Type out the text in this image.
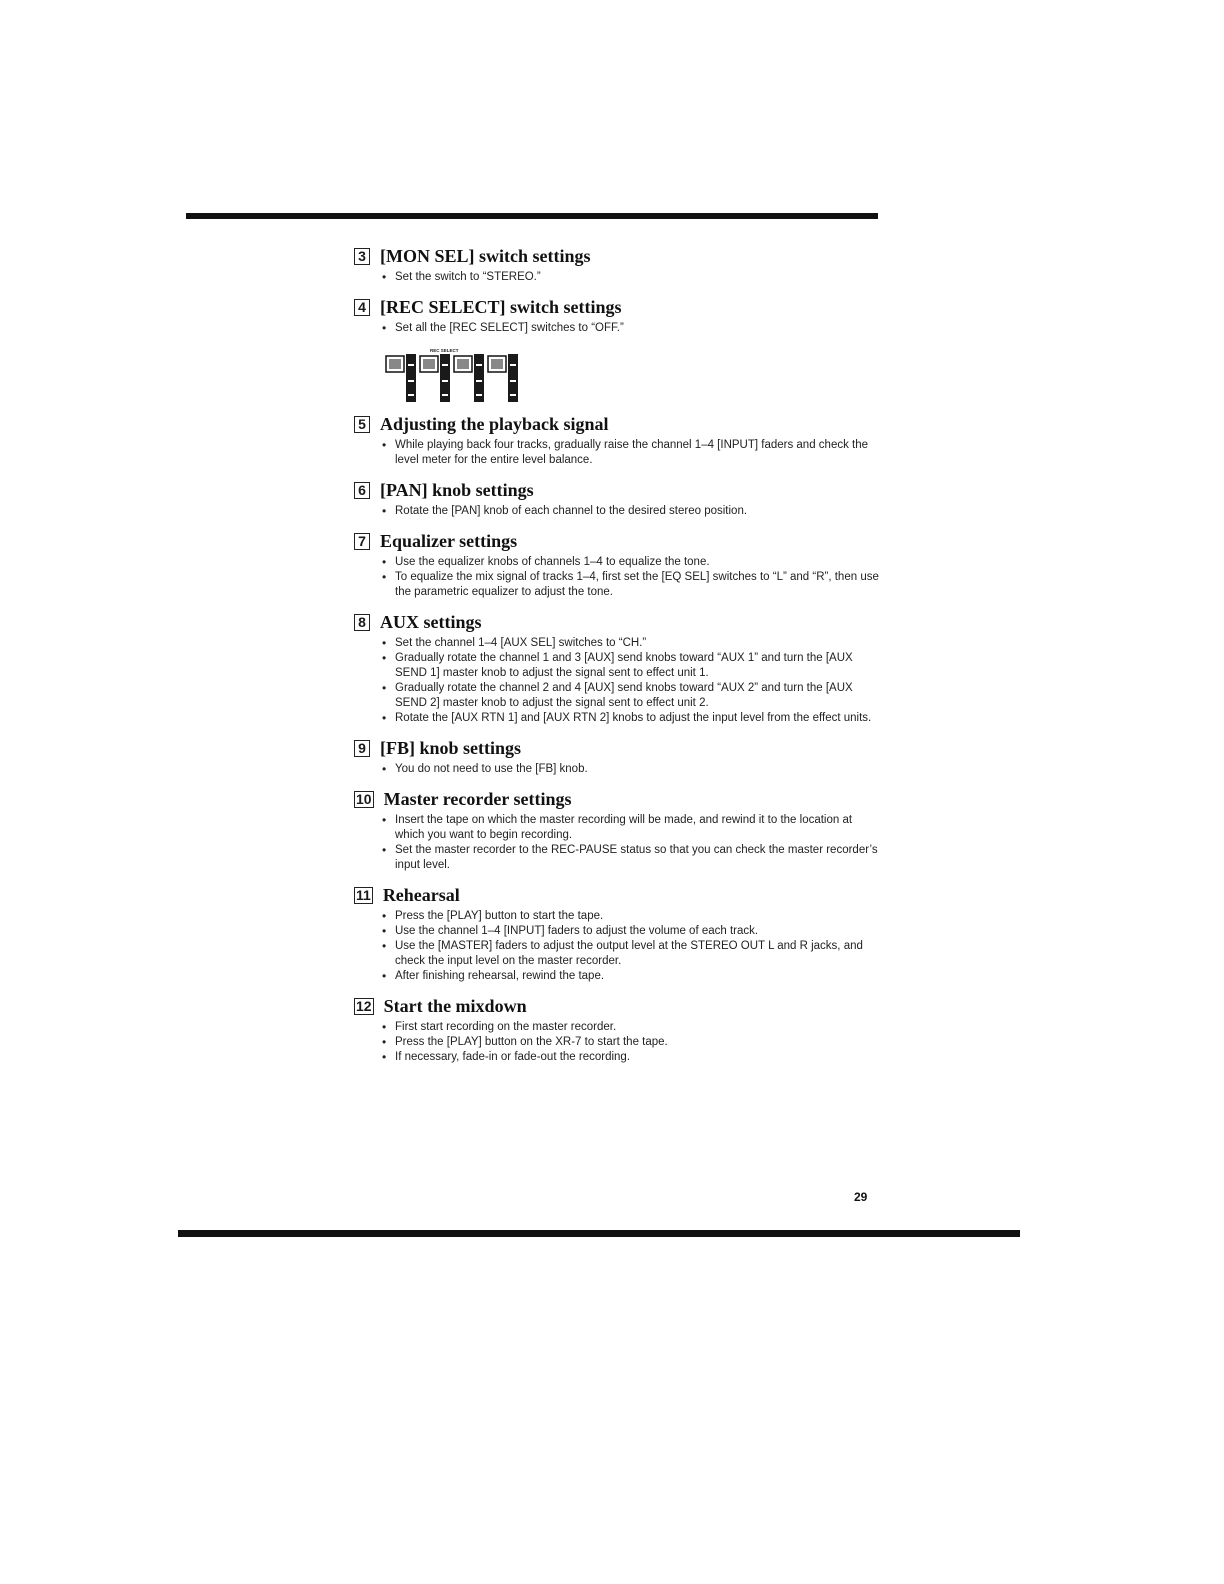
3 [MON SEL] switch settings
• Set the switch to “STEREO.”
4 [REC SELECT] switch settings
• Set all the [REC SELECT] switches to “OFF.”
REC SELECT
5 Adjusting the playback signal
• While playing back four tracks, gradually raise the channel 1–4 [INPUT] faders and check the level meter for the entire level balance.
6 [PAN] knob settings
• Rotate the [PAN] knob of each channel to the desired stereo position.
7 Equalizer settings
• Use the equalizer knobs of channels 1–4 to equalize the tone.
• To equalize the mix signal of tracks 1–4, first set the [EQ SEL] switches to “L” and “R”, then use the parametric equalizer to adjust the tone.
8 AUX settings
• Set the channel 1–4 [AUX SEL] switches to “CH.”
• Gradually rotate the channel 1 and 3 [AUX] send knobs toward “AUX 1” and turn the [AUX SEND 1] master knob to adjust the signal sent to effect unit 1.
• Gradually rotate the channel 2 and 4 [AUX] send knobs toward “AUX 2” and turn the [AUX SEND 2] master knob to adjust the signal sent to effect unit 2.
• Rotate the [AUX RTN 1] and [AUX RTN 2] knobs to adjust the input level from the effect units.
9 [FB] knob settings
• You do not need to use the [FB] knob.
10 Master recorder settings
• Insert the tape on which the master recording will be made, and rewind it to the location at which you want to begin recording.
• Set the master recorder to the REC-PAUSE status so that you can check the master recorder’s input level.
11 Rehearsal
• Press the [PLAY] button to start the tape.
• Use the channel 1–4 [INPUT] faders to adjust the volume of each track.
• Use the [MASTER] faders to adjust the output level at the STEREO OUT L and R jacks, and check the input level on the master recorder.
• After finishing rehearsal, rewind the tape.
12 Start the mixdown
• First start recording on the master recorder.
• Press the [PLAY] button on the XR-7 to start the tape.
• If necessary, fade-in or fade-out the recording.
29
